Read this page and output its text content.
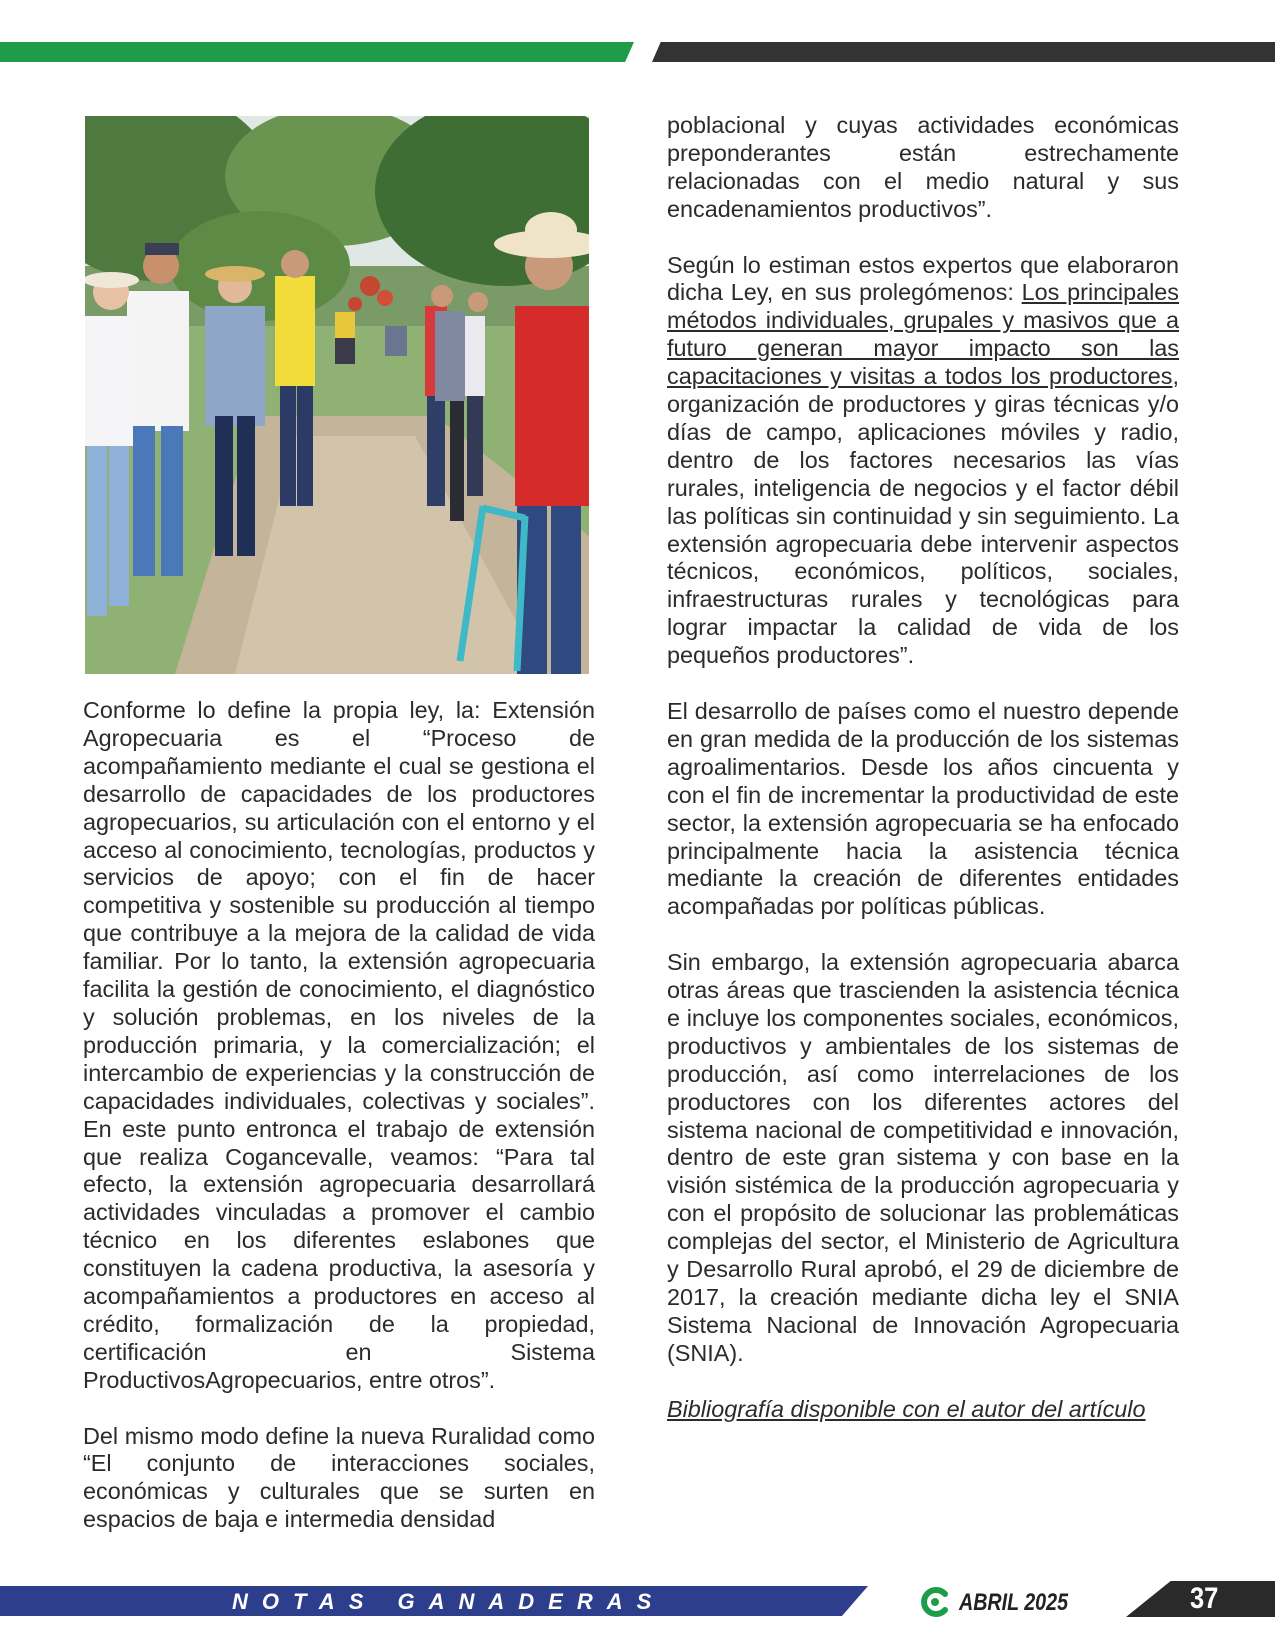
Conforme lo define la propia ley, la: Extensión Agropecuaria es el “Proceso de acompañamiento mediante el cual se gestiona el desarrollo de capacidades de los productores agropecuarios, su articulación con el entorno y el acceso al conocimiento, tecnologías, productos y servicios de apoyo; con el fin de hacer competitiva y sostenible su producción al tiempo que contribuye a la mejora de la calidad de vida familiar. Por lo tanto, la extensión agropecuaria facilita la gestión de conocimiento, el diagnóstico y solución problemas, en los niveles de la producción primaria, y la comercialización; el intercambio de experiencias y la construcción de capacidades individuales, colectivas y sociales”. En este punto entronca el trabajo de extensión que realiza Cogancevalle, veamos: “Para tal efecto, la extensión agropecuaria desarrollará actividades vinculadas a promover el cambio técnico en los diferentes eslabones que constituyen la cadena productiva, la asesoría y acompañamientos a productores en acceso al crédito, formalización de la propiedad, certificación en Sistema ProductivosAgropecuarios, entre otros”.

Del mismo modo define la nueva Ruralidad como “El conjunto de interacciones sociales, económicas y culturales que se surten en espacios de baja e intermedia densidad

poblacional y cuyas actividades económicas preponderantes están estrechamente relacionadas con el medio natural y sus encadenamientos productivos”.

Según lo estiman estos expertos que elaboraron dicha Ley, en sus prolegómenos: Los principales métodos individuales, grupales y masivos que a futuro generan mayor impacto son las capacitaciones y visitas a todos los productores, organización de productores y giras técnicas y/o días de campo, aplicaciones móviles y radio, dentro de los factores necesarios las vías rurales, inteligencia de negocios y el factor débil las políticas sin continuidad y sin seguimiento. La extensión agropecuaria debe intervenir aspectos técnicos, económicos, políticos, sociales, infraestructuras rurales y tecnológicas para lograr impactar la calidad de vida de los pequeños productores”.

El desarrollo de países como el nuestro depende en gran medida de la producción de los sistemas agroalimentarios. Desde los años cincuenta y con el fin de incrementar la productividad de este sector, la extensión agropecuaria se ha enfocado principalmente hacia la asistencia técnica mediante la creación de diferentes entidades acompañadas por políticas públicas.

Sin embargo, la extensión agropecuaria abarca otras áreas que trascienden la asistencia técnica e incluye los componentes sociales, económicos, productivos y ambientales de los sistemas de producción, así como interrelaciones de los productores con los diferentes actores del sistema nacional de competitividad e innovación, dentro de este gran sistema y con base en la visión sistémica de la producción agropecuaria y con el propósito de solucionar las problemáticas complejas del sector, el Ministerio de Agricultura y Desarrollo Rural aprobó, el 29 de diciembre de 2017, la creación mediante dicha ley el SNIA Sistema Nacional de Innovación Agropecuaria (SNIA).

Bibliografía disponible con el autor del artículo

NOTAS GANADERAS	ABRIL 2025	37
